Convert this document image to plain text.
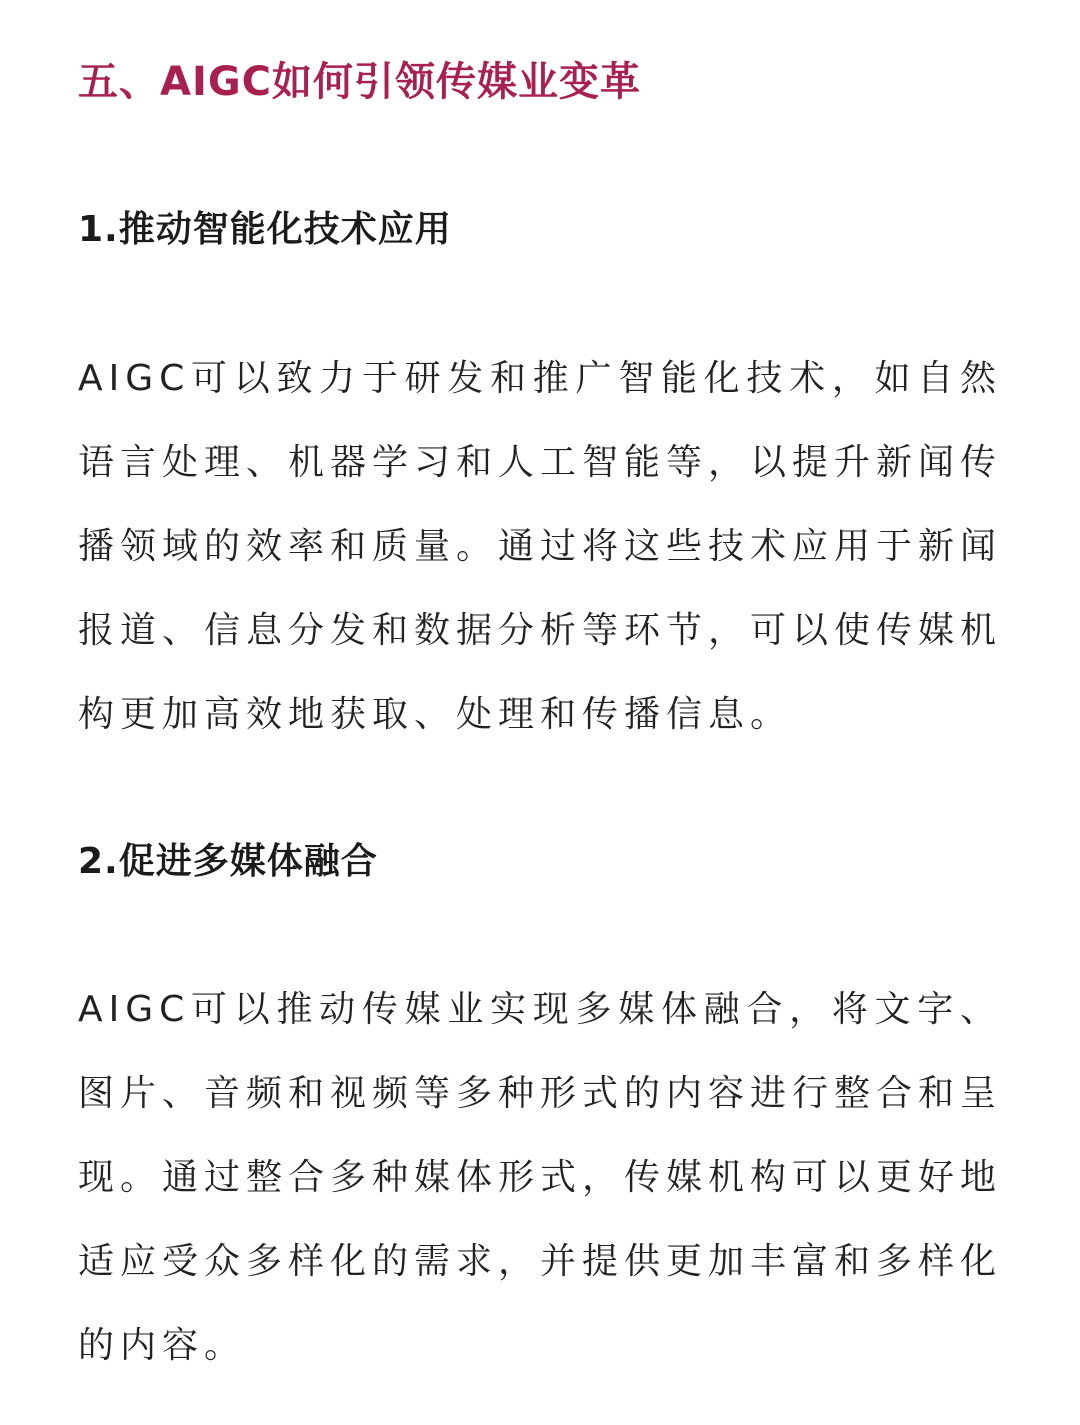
五、AIGC如何引领传媒业变革
1.推动智能化技术应用

AIGC可以致力于研发和推广智能化技术，如自然语言处理、机器学习和人工智能等，以提升新闻传播领域的效率和质量。通过将这些技术应用于新闻报道、信息分发和数据分析等环节，可以使传媒机构更加高效地获取、处理和传播信息。

2.促进多媒体融合

AIGC可以推动传媒业实现多媒体融合，将文字、图片、音频和视频等多种形式的内容进行整合和呈现。通过整合多种媒体形式，传媒机构可以更好地适应受众多样化的需求，并提供更加丰富和多样化的内容。
